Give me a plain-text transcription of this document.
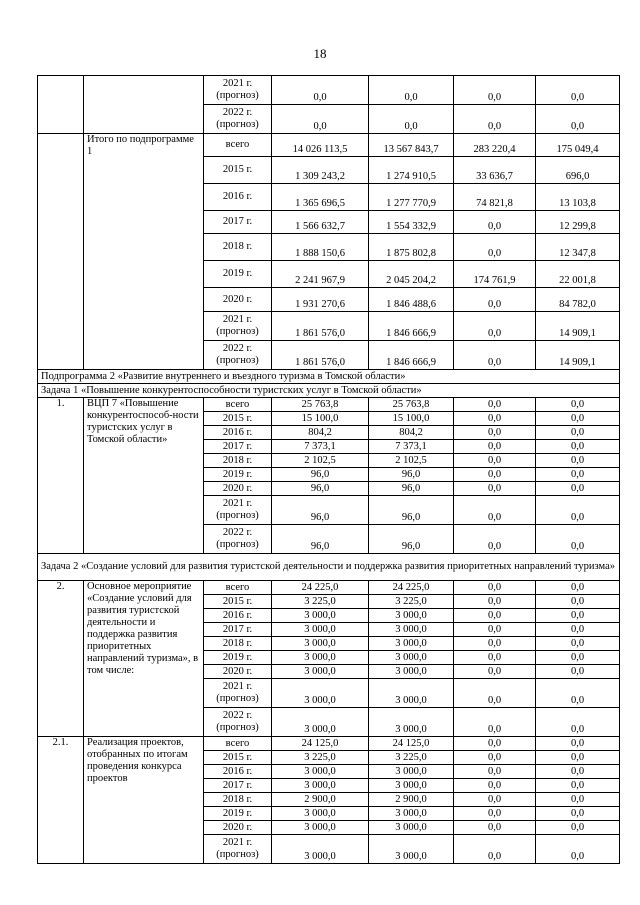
18
		2021 г. (прогноз)	0,0	0,0	0,0	0,0
		2022 г. (прогноз)	0,0	0,0	0,0	0,0
	Итого по подпрограмме 1	всего	14 026 113,5	13 567 843,7	283 220,4	175 049,4
		2015 г.	1 309 243,2	1 274 910,5	33 636,7	696,0
		2016 г.	1 365 696,5	1 277 770,9	74 821,8	13 103,8
		2017 г.	1 566 632,7	1 554 332,9	0,0	12 299,8
		2018 г.	1 888 150,6	1 875 802,8	0,0	12 347,8
		2019 г.	2 241 967,9	2 045 204,2	174 761,9	22 001,8
		2020 г.	1 931 270,6	1 846 488,6	0,0	84 782,0
		2021 г. (прогноз)	1 861 576,0	1 846 666,9	0,0	14 909,1
		2022 г. (прогноз)	1 861 576,0	1 846 666,9	0,0	14 909,1
Подпрограмма 2 «Развитие внутреннего и въездного туризма в Томской области»						
Задача 1 «Повышение конкурентоспособности туристских услуг в Томской области»						
1.	ВЦП 7 «Повышение конкурентоспособ-ности туристских услуг в Томской области»	всего	25 763,8	25 763,8	0,0	0,0
		2015 г.	15 100,0	15 100,0	0,0	0,0
		2016 г.	804,2	804,2	0,0	0,0
		2017 г.	7 373,1	7 373,1	0,0	0,0
		2018 г.	2 102,5	2 102,5	0,0	0,0
		2019 г.	96,0	96,0	0,0	0,0
		2020 г.	96,0	96,0	0,0	0,0
		2021 г. (прогноз)	96,0	96,0	0,0	0,0
		2022 г. (прогноз)	96,0	96,0	0,0	0,0
Задача 2 «Создание условий для развития туристской деятельности и поддержка развития приоритетных направлений туризма»						
2.	Основное мероприятие «Создание условий для развития туристской деятельности и поддержка развития приоритетных направлений туризма», в том числе:	всего	24 225,0	24 225,0	0,0	0,0
		2015 г.	3 225,0	3 225,0	0,0	0,0
		2016 г.	3 000,0	3 000,0	0,0	0,0
		2017 г.	3 000,0	3 000,0	0,0	0,0
		2018 г.	3 000,0	3 000,0	0,0	0,0
		2019 г.	3 000,0	3 000,0	0,0	0,0
		2020 г.	3 000,0	3 000,0	0,0	0,0
		2021 г. (прогноз)	3 000,0	3 000,0	0,0	0,0
		2022 г. (прогноз)	3 000,0	3 000,0	0,0	0,0
2.1.	Реализация проектов, отобранных по итогам проведения конкурса проектов	всего	24 125,0	24 125,0	0,0	0,0
		2015 г.	3 225,0	3 225,0	0,0	0,0
		2016 г.	3 000,0	3 000,0	0,0	0,0
		2017 г.	3 000,0	3 000,0	0,0	0,0
		2018 г.	2 900,0	2 900,0	0,0	0,0
		2019 г.	3 000,0	3 000,0	0,0	0,0
		2020 г.	3 000,0	3 000,0	0,0	0,0
		2021 г. (прогноз)	3 000,0	3 000,0	0,0	0,0
